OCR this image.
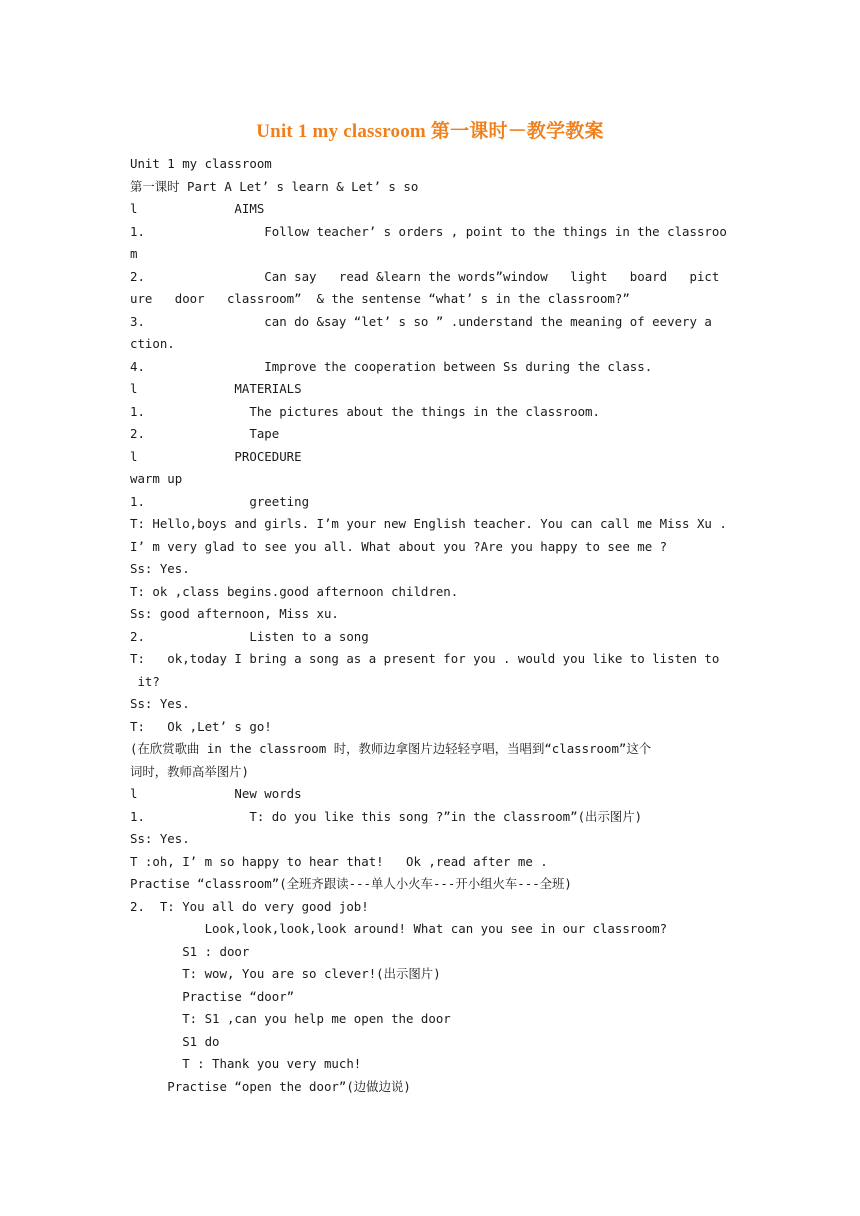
Unit 1 my classroom 第一课时－教学教案
Unit 1 my classroom
第一课时 Part A Let’ s learn & Let’ s so
l             AIMS
1.                Follow teacher’ s orders , point to the things in the classroo
m
2.                Can say   read &learn the words”window   light   board   pict
ure   door   classroom”  & the sentense “what’ s in the classroom?”
3.                can do &say “let’ s so ” .understand the meaning of eevery a
ction.
4.                Improve the cooperation between Ss during the class.
l             MATERIALS
1.              The pictures about the things in the classroom.
2.              Tape
l             PROCEDURE
warm up
1.              greeting
T: Hello,boys and girls. I’m your new English teacher. You can call me Miss Xu .
I’ m very glad to see you all. What about you ?Are you happy to see me ?
Ss: Yes.
T: ok ,class begins.good afternoon children.
Ss: good afternoon, Miss xu.
2.              Listen to a song
T:   ok,today I bring a song as a present for you . would you like to listen to
it?
Ss: Yes.
T:   Ok ,Let’ s go!
(在欣赏歌曲 in the classroom 时，教师边拿图片边轻轻亨唱，当唱到“classroom”这个
词时，教师高举图片)
l             New words
1.              T: do you like this song ?”in the classroom”(出示图片)
Ss: Yes.
T :oh, I’ m so happy to hear that!   Ok ,read after me .
Practise “classroom”(全班齐跟读---单人小火车---开小组火车---全班)
2.  T: You all do very good job!
Look,look,look,look around! What can you see in our classroom?
S1 : door
T: wow, You are so clever!(出示图片)
Practise “door”
T: S1 ,can you help me open the door
S1 do
T : Thank you very much!
Practise “open the door”(边做边说)
